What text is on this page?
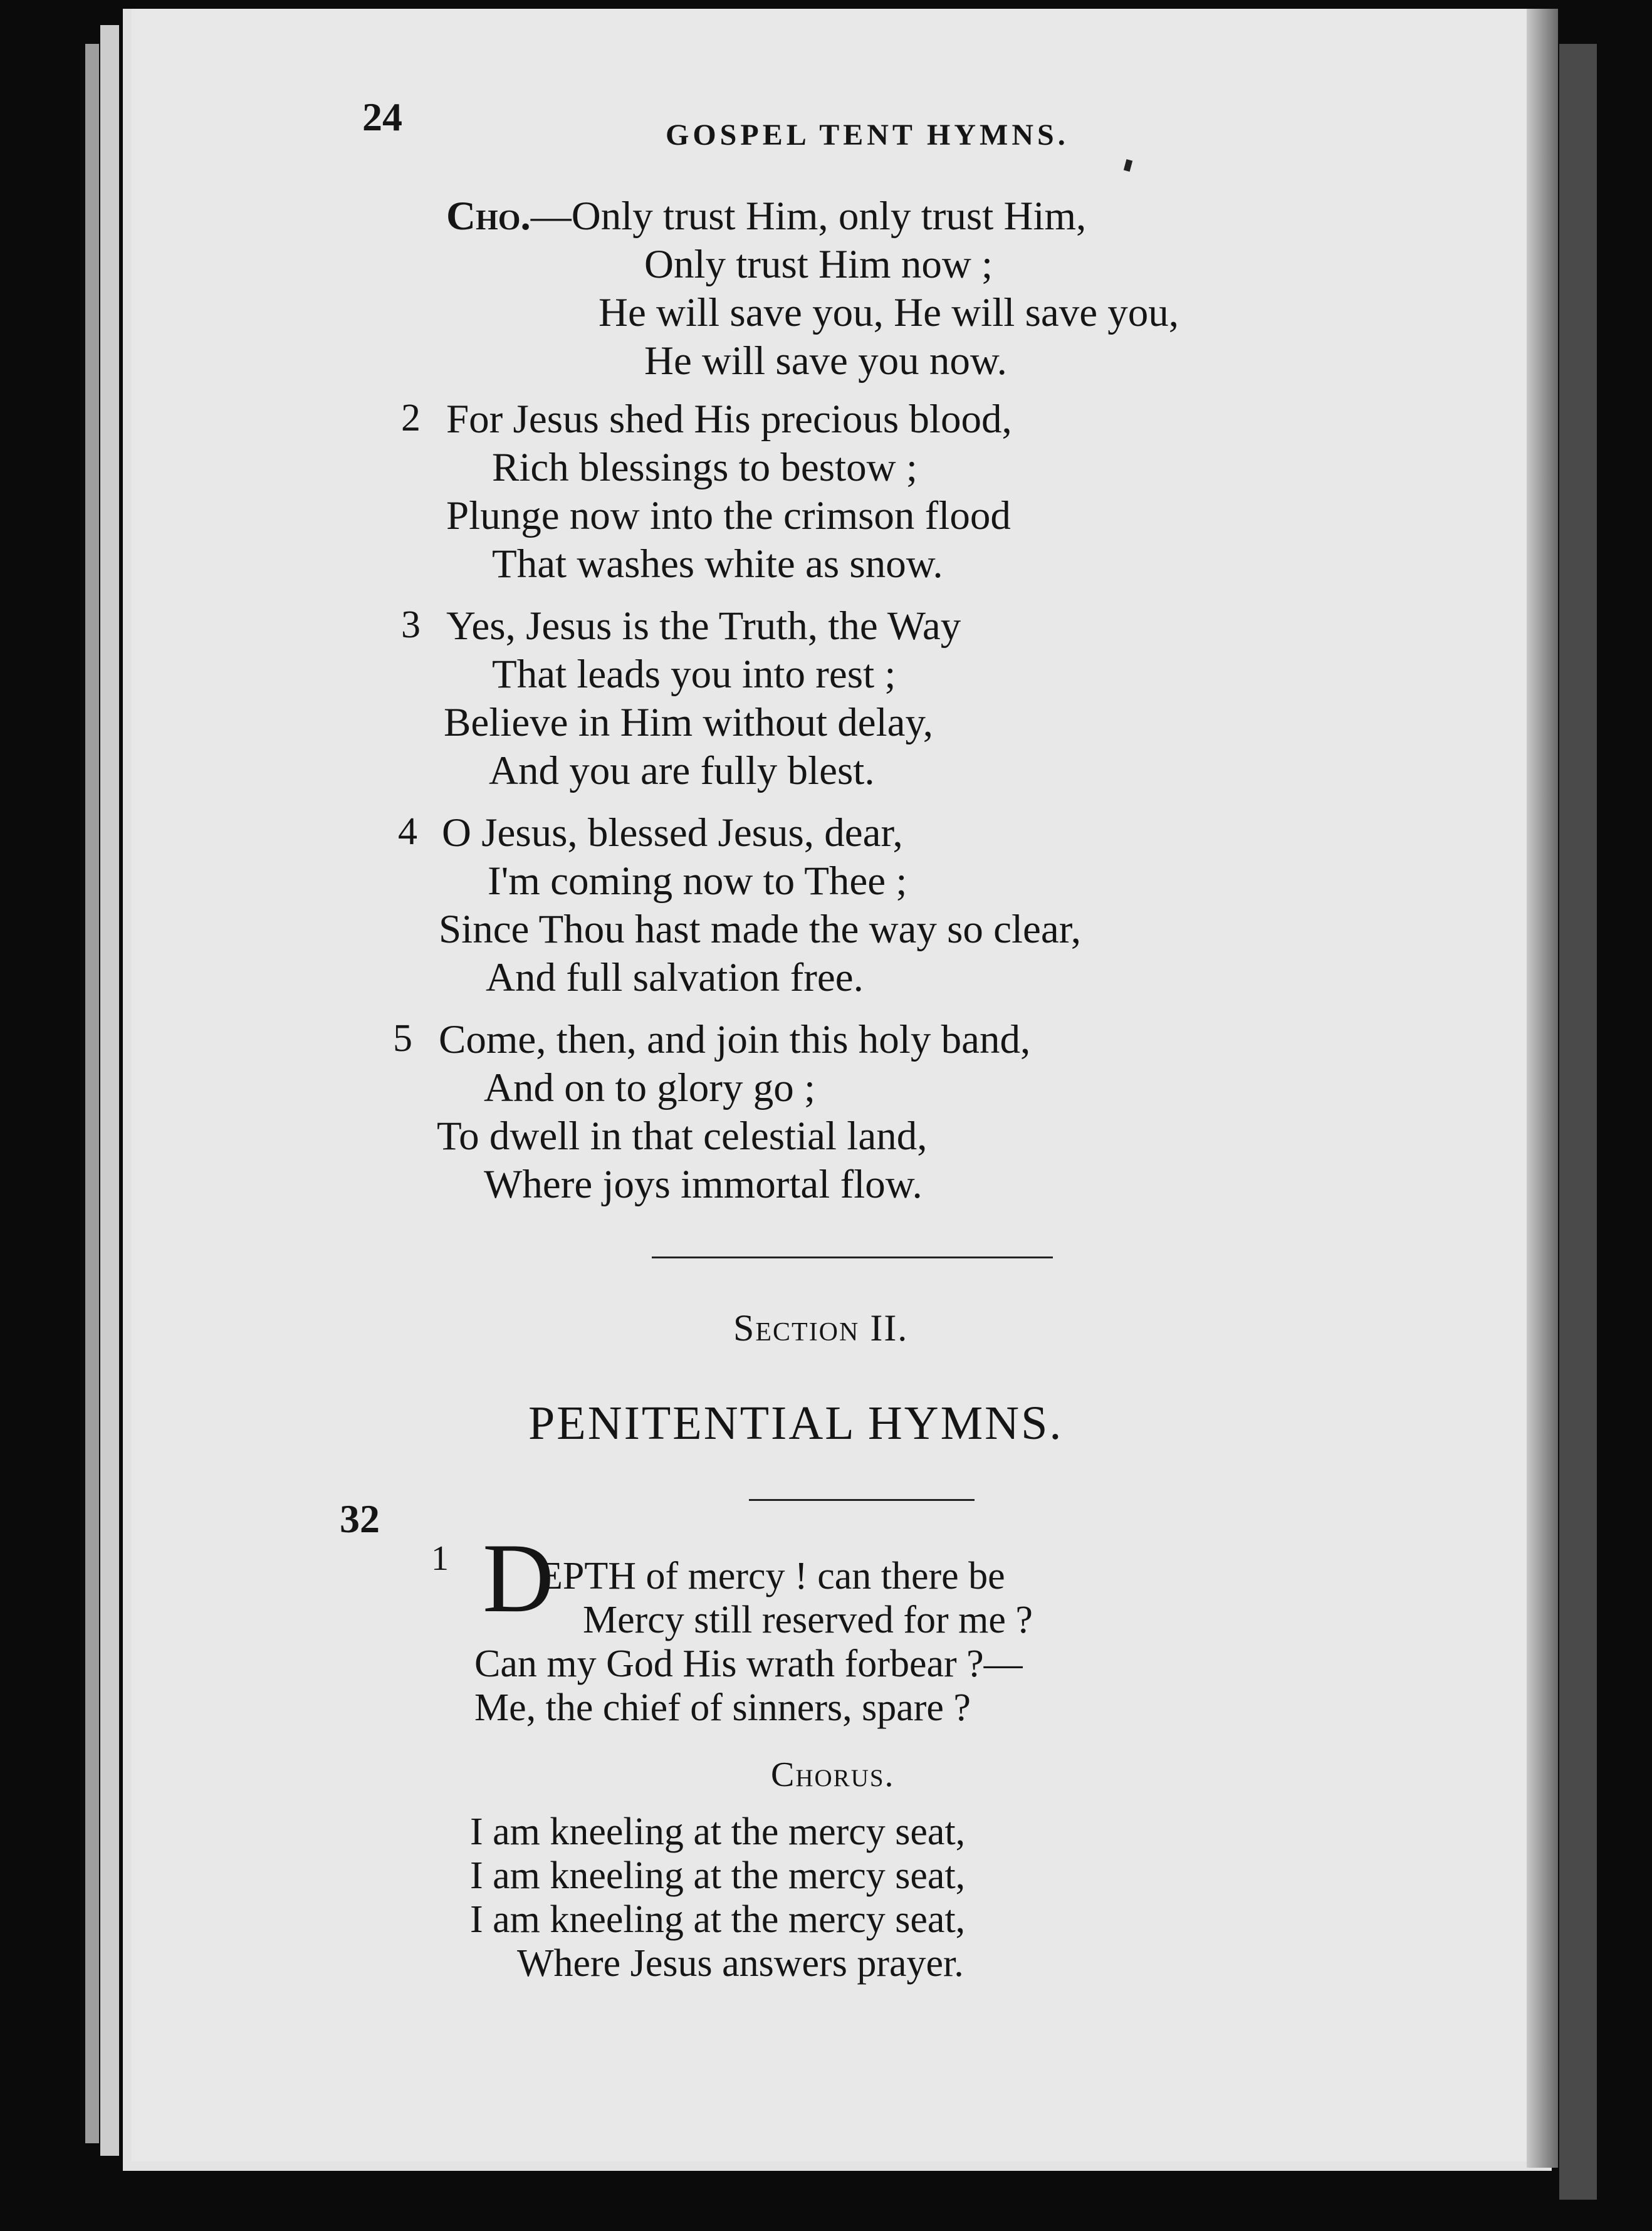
24	GOSPEL TENT HYMNS.
Cho.—Only trust Him, only trust Him,
Only trust Him now ;
He will save you, He will save you,
He will save you now.
2 For Jesus shed His precious blood,
Rich blessings to bestow ;
Plunge now into the crimson flood
That washes white as snow.
3 Yes, Jesus is the Truth, the Way
That leads you into rest ;
Believe in Him without delay,
And you are fully blest.
4 O Jesus, blessed Jesus, dear,
I'm coming now to Thee ;
Since Thou hast made the way so clear,
And full salvation free.
5 Come, then, and join this holy band,
And on to glory go ;
To dwell in that celestial land,
Where joys immortal flow.
Section II.
PENITENTIAL HYMNS.
32
1 D
EPTH of mercy ! can there be
Mercy still reserved for me ?
Can my God His wrath forbear ?—
Me, the chief of sinners, spare ?
Chorus.
I am kneeling at the mercy seat,
I am kneeling at the mercy seat,
I am kneeling at the mercy seat,
Where Jesus answers prayer.
